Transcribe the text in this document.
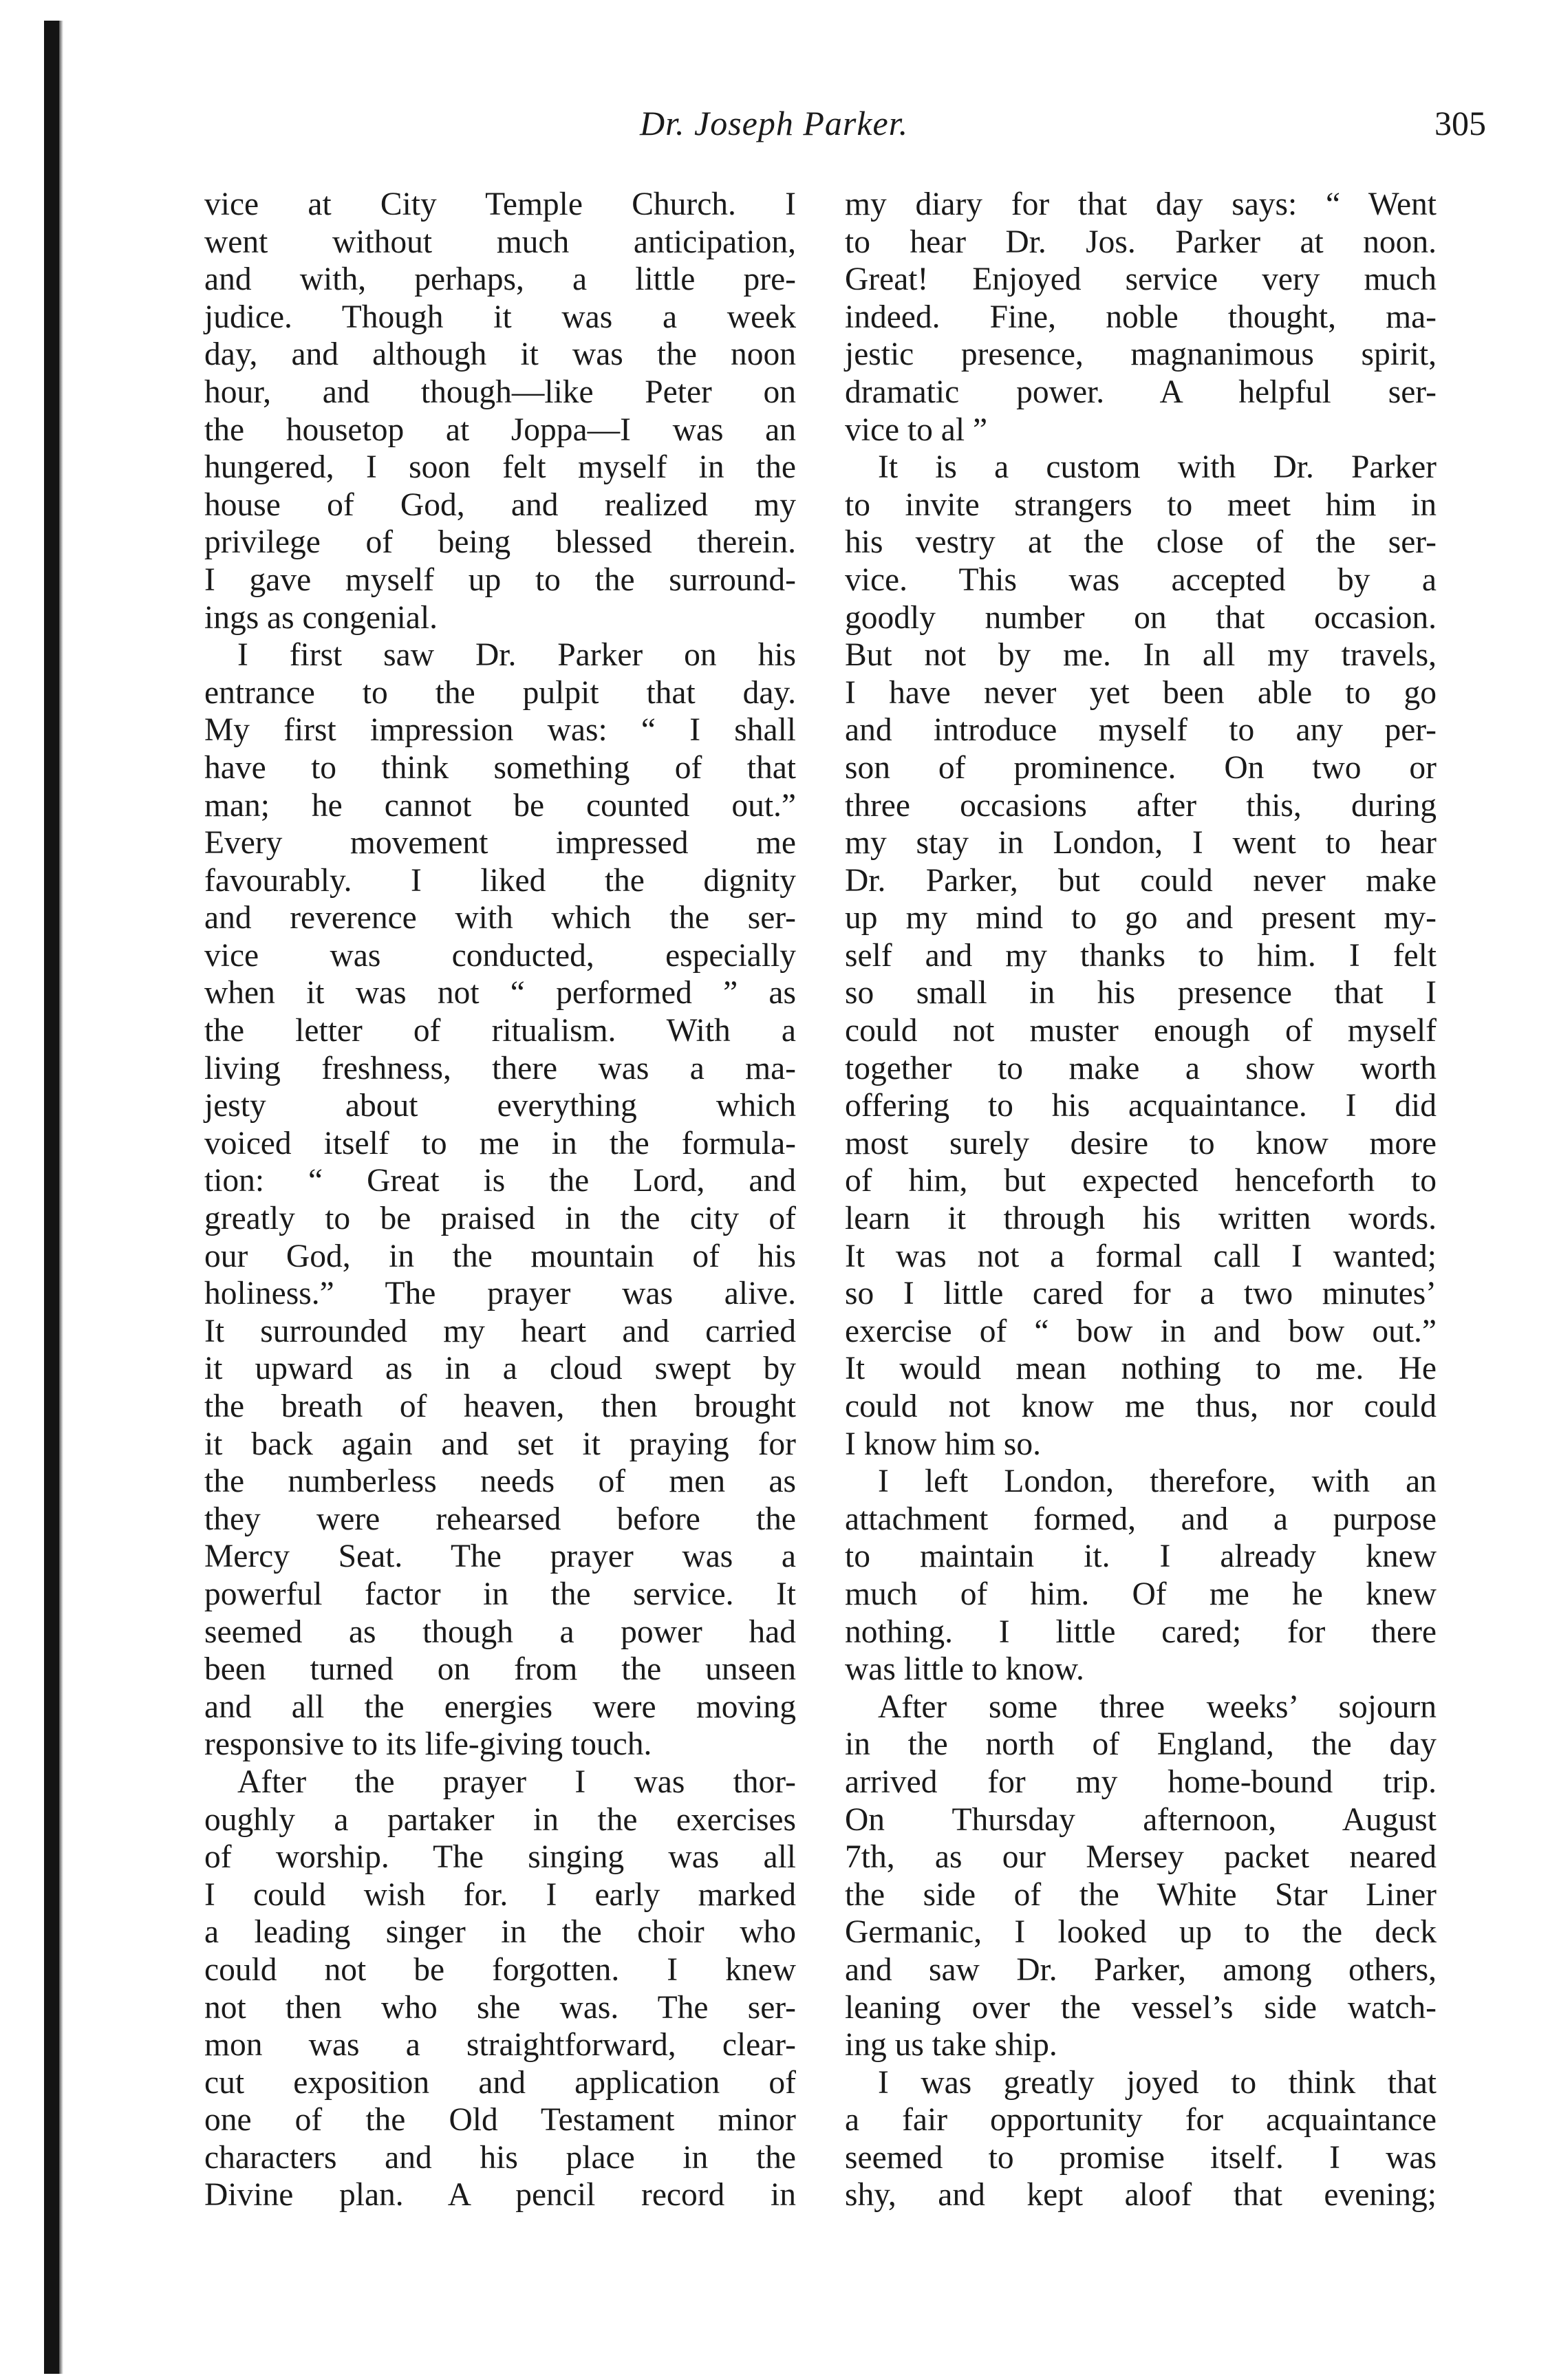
Dr. Joseph Parker.	305
vice at City Temple Church. I
went without much anticipation,
and with, perhaps, a little pre-
judice. Though it was a week
day, and although it was the noon
hour, and though—like Peter on
the housetop at Joppa—I was an
hungered, I soon felt myself in the
house of God, and realized my
privilege of being blessed therein.
I gave myself up to the surround-
ings as congenial.
I first saw Dr. Parker on his
entrance to the pulpit that day.
My first impression was: “ I shall
have to think something of that
man; he cannot be counted out.”
Every movement impressed me
favourably. I liked the dignity
and reverence with which the ser-
vice was conducted, especially
when it was not “ performed ” as
the letter of ritualism. With a
living freshness, there was a ma-
jesty about everything which
voiced itself to me in the formula-
tion: “ Great is the Lord, and
greatly to be praised in the city of
our God, in the mountain of his
holiness.” The prayer was alive.
It surrounded my heart and carried
it upward as in a cloud swept by
the breath of heaven, then brought
it back again and set it praying for
the numberless needs of men as
they were rehearsed before the
Mercy Seat. The prayer was a
powerful factor in the service. It
seemed as though a power had
been turned on from the unseen
and all the energies were moving
responsive to its life-giving touch.
After the prayer I was thor-
oughly a partaker in the exercises
of worship. The singing was all
I could wish for. I early marked
a leading singer in the choir who
could not be forgotten. I knew
not then who she was. The ser-
mon was a straightforward, clear-
cut exposition and application of
one of the Old Testament minor
characters and his place in the
Divine plan. A pencil record in
my diary for that day says: “ Went
to hear Dr. Jos. Parker at noon.
Great! Enjoyed service very much
indeed. Fine, noble thought, ma-
jestic presence, magnanimous spirit,
dramatic power. A helpful ser-
vice to al ”
It is a custom with Dr. Parker
to invite strangers to meet him in
his vestry at the close of the ser-
vice. This was accepted by a
goodly number on that occasion.
But not by me. In all my travels,
I have never yet been able to go
and introduce myself to any per-
son of prominence. On two or
three occasions after this, during
my stay in London, I went to hear
Dr. Parker, but could never make
up my mind to go and present my-
self and my thanks to him. I felt
so small in his presence that I
could not muster enough of myself
together to make a show worth
offering to his acquaintance. I did
most surely desire to know more
of him, but expected henceforth to
learn it through his written words.
It was not a formal call I wanted;
so I little cared for a two minutes’
exercise of “ bow in and bow out.”
It would mean nothing to me. He
could not know me thus, nor could
I know him so.
I left London, therefore, with an
attachment formed, and a purpose
to maintain it. I already knew
much of him. Of me he knew
nothing. I little cared; for there
was little to know.
After some three weeks’ sojourn
in the north of England, the day
arrived for my home-bound trip.
On Thursday afternoon, August
7th, as our Mersey packet neared
the side of the White Star Liner
Germanic, I looked up to the deck
and saw Dr. Parker, among others,
leaning over the vessel’s side watch-
ing us take ship.
I was greatly joyed to think that
a fair opportunity for acquaintance
seemed to promise itself. I was
shy, and kept aloof that evening;
